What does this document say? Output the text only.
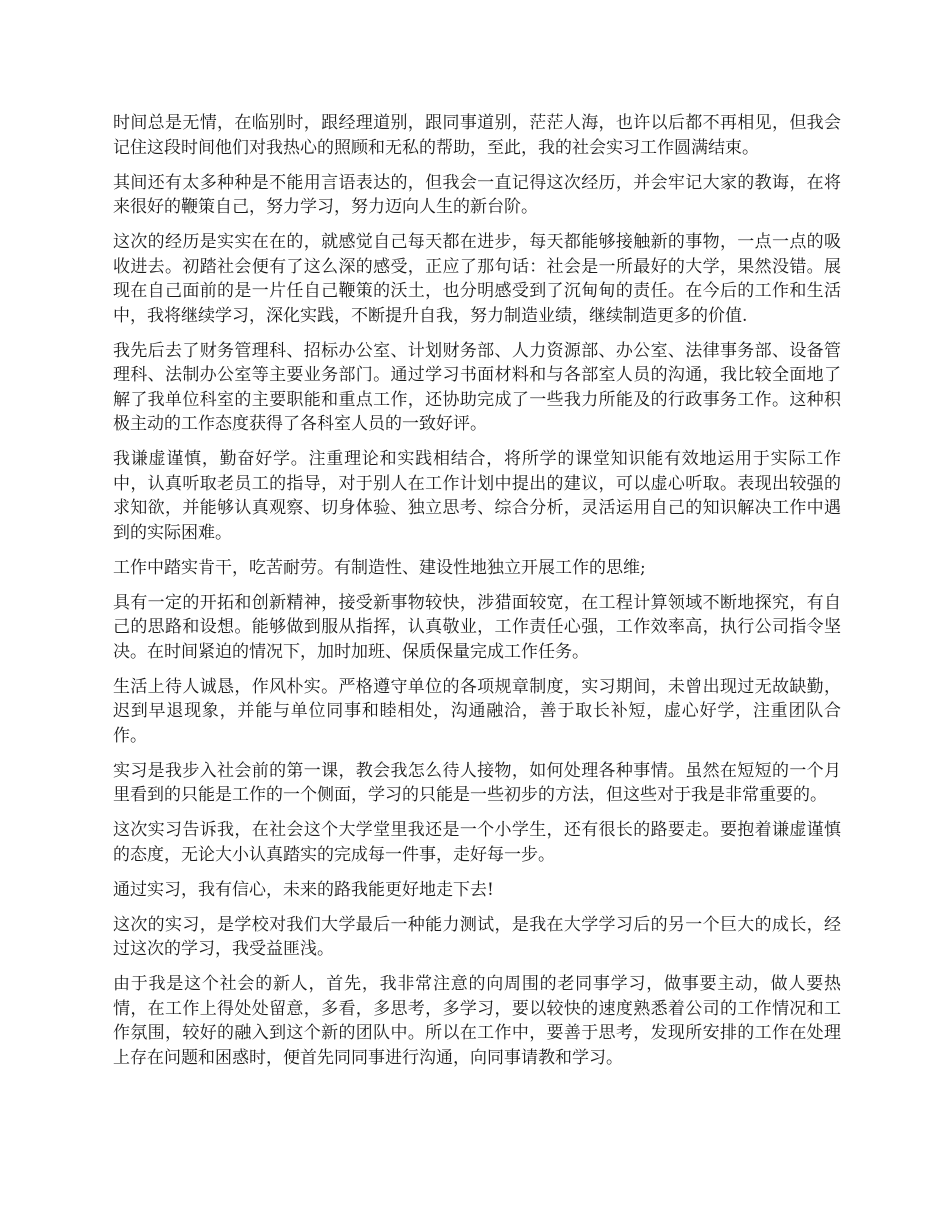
时间总是无情，在临别时，跟经理道别，跟同事道别，茫茫人海，也许以后都不再相见，但我会记住这段时间他们对我热心的照顾和无私的帮助，至此，我的社会实习工作圆满结束。

其间还有太多种种是不能用言语表达的，但我会一直记得这次经历，并会牢记大家的教诲，在将来很好的鞭策自己，努力学习，努力迈向人生的新台阶。

这次的经历是实实在在的，就感觉自己每天都在进步，每天都能够接触新的事物，一点一点的吸收进去。初踏社会便有了这么深的感受，正应了那句话：社会是一所最好的大学，果然没错。展现在自己面前的是一片任自己鞭策的沃土，也分明感受到了沉甸甸的责任。在今后的工作和生活中，我将继续学习，深化实践，不断提升自我，努力制造业绩，继续制造更多的价值.

我先后去了财务管理科、招标办公室、计划财务部、人力资源部、办公室、法律事务部、设备管理科、法制办公室等主要业务部门。通过学习书面材料和与各部室人员的沟通，我比较全面地了解了我单位科室的主要职能和重点工作，还协助完成了一些我力所能及的行政事务工作。这种积极主动的工作态度获得了各科室人员的一致好评。

我谦虚谨慎，勤奋好学。注重理论和实践相结合，将所学的课堂知识能有效地运用于实际工作中，认真听取老员工的指导，对于别人在工作计划中提出的建议，可以虚心听取。表现出较强的求知欲，并能够认真观察、切身体验、独立思考、综合分析，灵活运用自己的知识解决工作中遇到的实际困难。

工作中踏实肯干，吃苦耐劳。有制造性、建设性地独立开展工作的思维;

具有一定的开拓和创新精神，接受新事物较快，涉猎面较宽，在工程计算领域不断地探究，有自己的思路和设想。能够做到服从指挥，认真敬业，工作责任心强，工作效率高，执行公司指令坚决。在时间紧迫的情况下，加时加班、保质保量完成工作任务。

生活上待人诚恳，作风朴实。严格遵守单位的各项规章制度，实习期间，未曾出现过无故缺勤，迟到早退现象，并能与单位同事和睦相处，沟通融洽，善于取长补短，虚心好学，注重团队合作。

实习是我步入社会前的第一课，教会我怎么待人接物，如何处理各种事情。虽然在短短的一个月里看到的只能是工作的一个侧面，学习的只能是一些初步的方法，但这些对于我是非常重要的。

这次实习告诉我，在社会这个大学堂里我还是一个小学生，还有很长的路要走。要抱着谦虚谨慎的态度，无论大小认真踏实的完成每一件事，走好每一步。

通过实习，我有信心，未来的路我能更好地走下去!

这次的实习，是学校对我们大学最后一种能力测试，是我在大学学习后的另一个巨大的成长，经过这次的学习，我受益匪浅。

由于我是这个社会的新人，首先，我非常注意的向周围的老同事学习，做事要主动，做人要热情，在工作上得处处留意，多看，多思考，多学习，要以较快的速度熟悉着公司的工作情况和工作氛围，较好的融入到这个新的团队中。所以在工作中，要善于思考，发现所安排的工作在处理上存在问题和困惑时，便首先同同事进行沟通，向同事请教和学习。
